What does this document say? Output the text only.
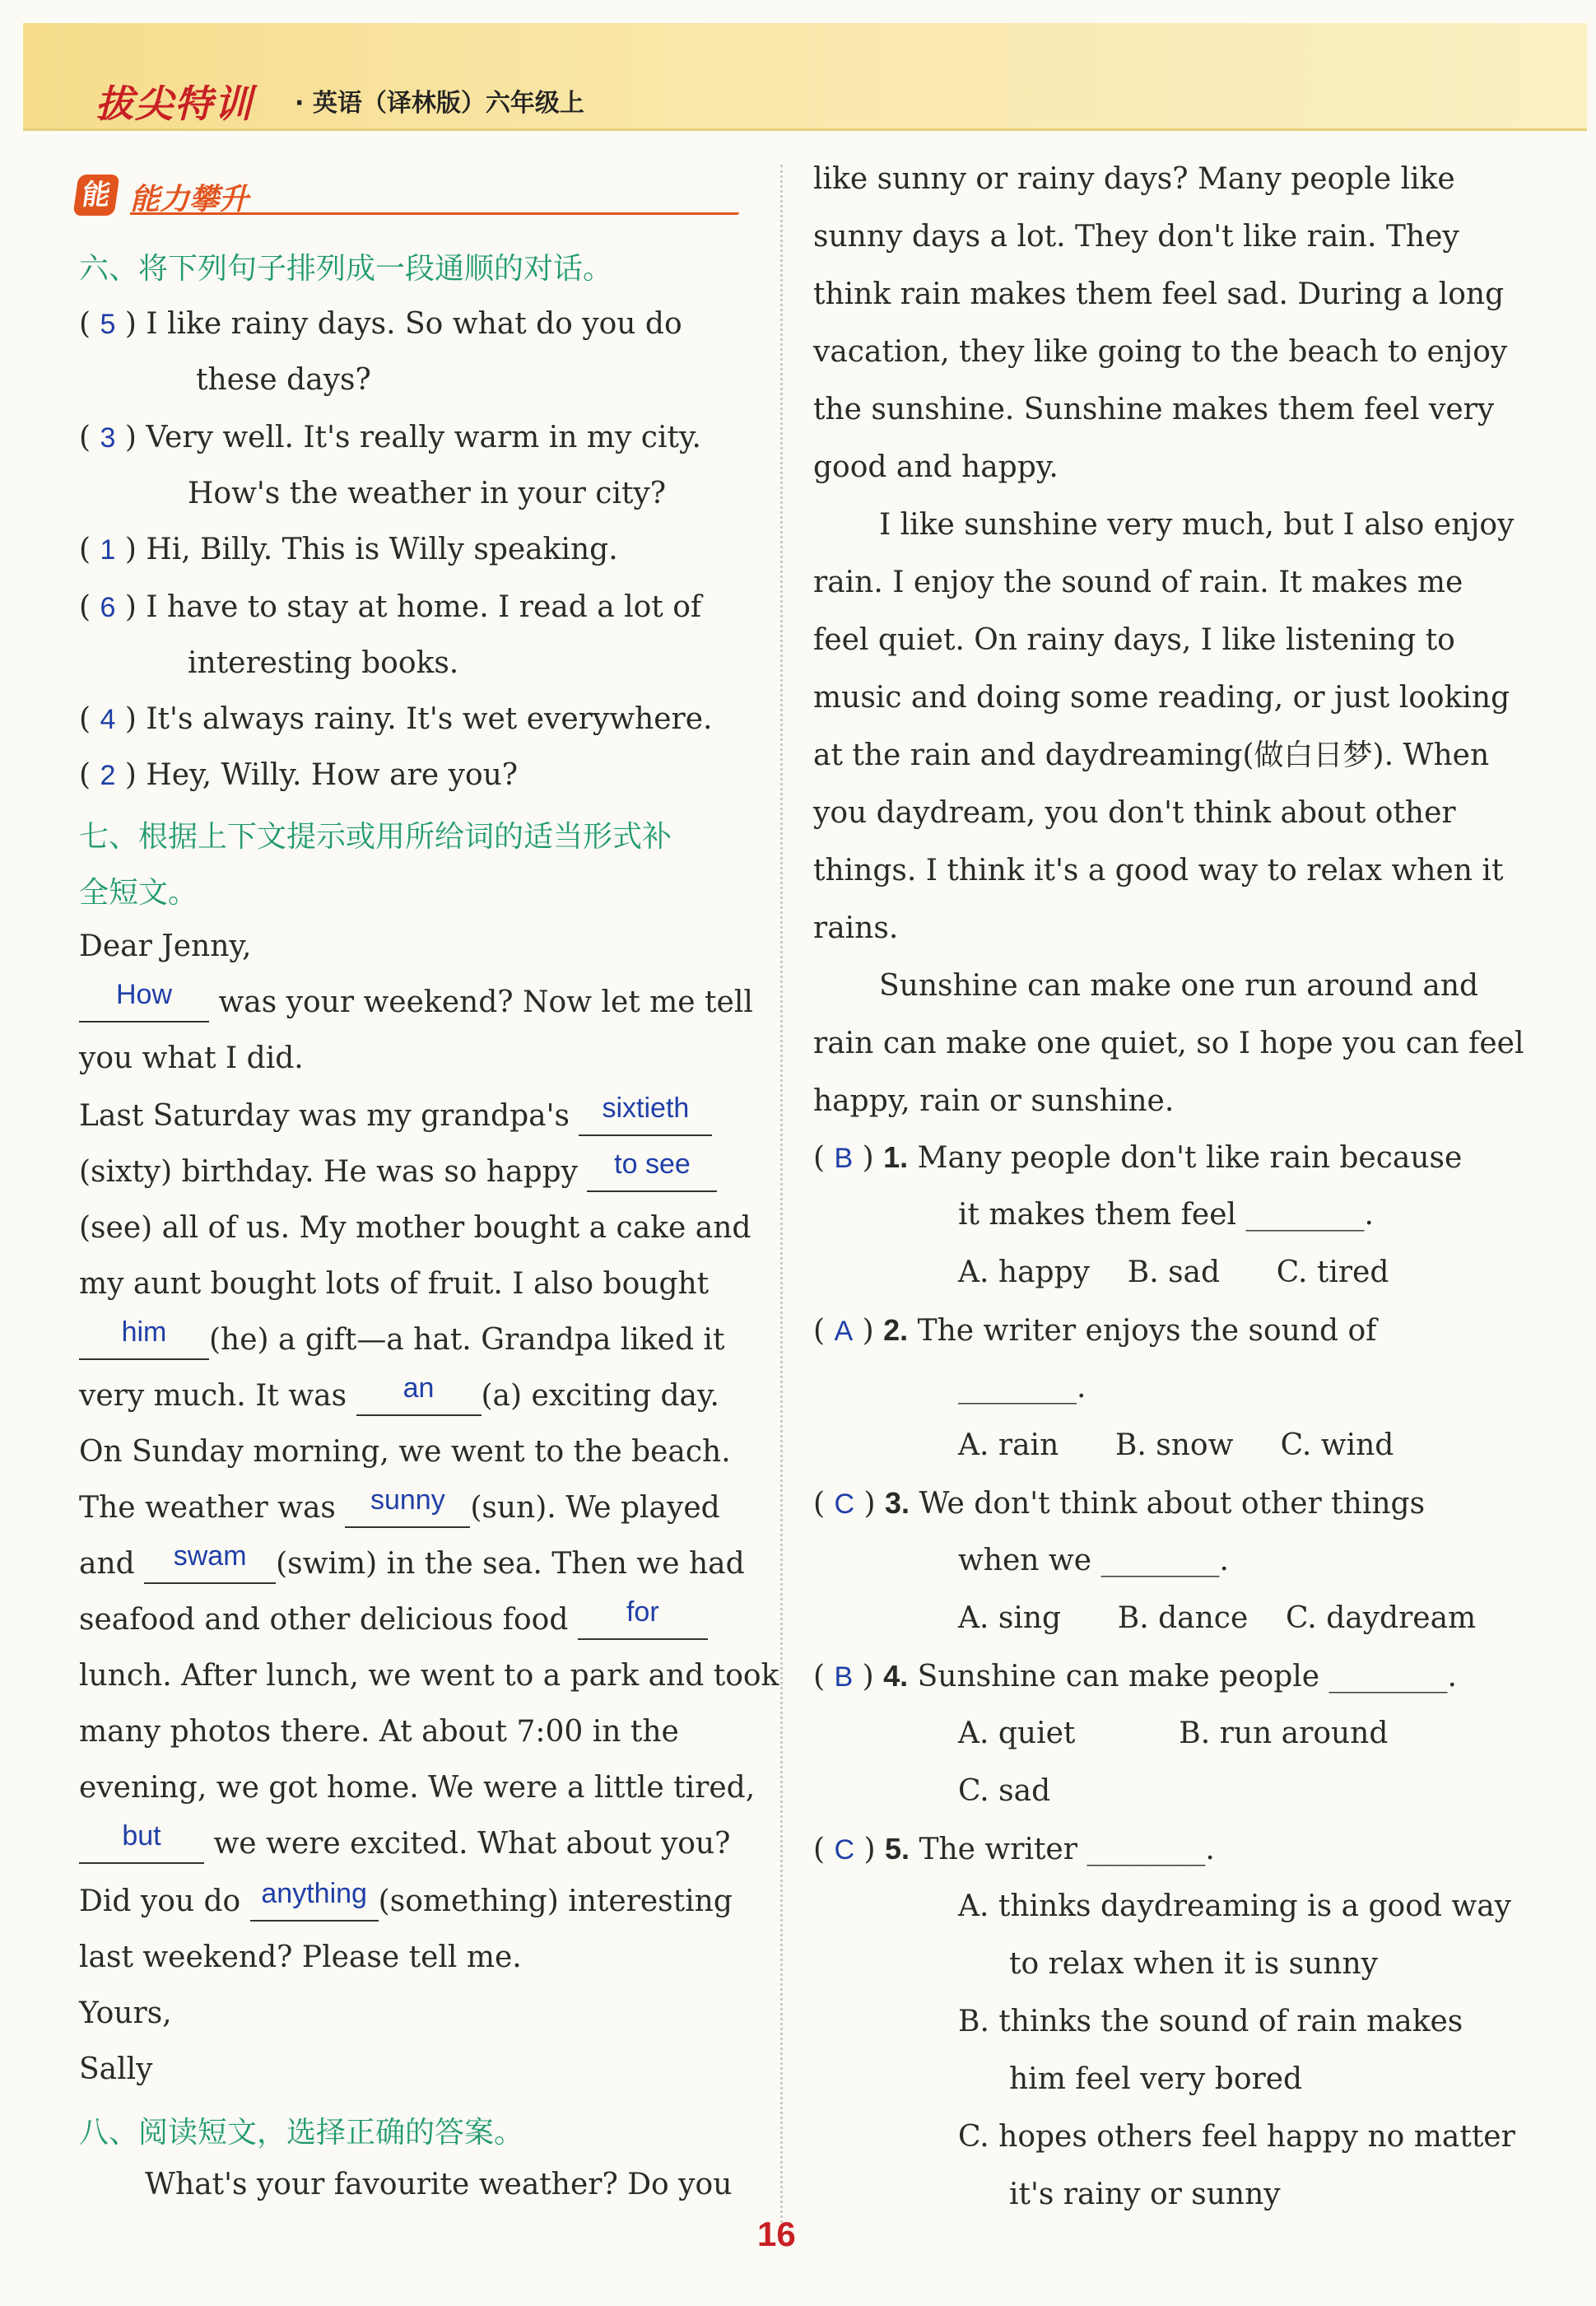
拔尖特训 · 英语（译林版）六年级上
能 能力攀升
六、将下列句子排列成一段通顺的对话。
( 5 ) I like rainy days. So what do you do
these days?
( 3 ) Very well. It's really warm in my city.
How's the weather in your city?
( 1 ) Hi, Billy. This is Willy speaking.
( 6 ) I have to stay at home. I read a lot of
interesting books.
( 4 ) It's always rainy. It's wet everywhere.
( 2 ) Hey, Willy. How are you?
七、根据上下文提示或用所给词的适当形式补
全短文。
Dear Jenny,
How was your weekend? Now let me tell
you what I did.
Last Saturday was my grandpa's sixtieth
(sixty) birthday. He was so happy to see
(see) all of us. My mother bought a cake and
my aunt bought lots of fruit. I also bought
him (he) a gift—a hat. Grandpa liked it
very much. It was an (a) exciting day.
On Sunday morning, we went to the beach.
The weather was sunny (sun). We played
and swam (swim) in the sea. Then we had
seafood and other delicious food for
lunch. After lunch, we went to a park and took
many photos there. At about 7:00 in the
evening, we got home. We were a little tired,
but we were excited. What about you?
Did you do anything (something) interesting
last weekend? Please tell me.
Yours,
Sally
八、阅读短文，选择正确的答案。
What's your favourite weather? Do you
like sunny or rainy days? Many people like
sunny days a lot. They don't like rain. They
think rain makes them feel sad. During a long
vacation, they like going to the beach to enjoy
the sunshine. Sunshine makes them feel very
good and happy.
I like sunshine very much, but I also enjoy
rain. I enjoy the sound of rain. It makes me
feel quiet. On rainy days, I like listening to
music and doing some reading, or just looking
at the rain and daydreaming(做白日梦). When
you daydream, you don't think about other
things. I think it's a good way to relax when it
rains.
Sunshine can make one run around and
rain can make one quiet, so I hope you can feel
happy, rain or sunshine.
( B ) 1. Many people don't like rain because
it makes them feel ________.
A. happy    B. sad      C. tired
( A ) 2. The writer enjoys the sound of
________.
A. rain      B. snow     C. wind
( C ) 3. We don't think about other things
when we ________.
A. sing      B. dance    C. daydream
( B ) 4. Sunshine can make people ________.
A. quiet           B. run around
C. sad
( C ) 5. The writer ________.
A. thinks daydreaming is a good way
to relax when it is sunny
B. thinks the sound of rain makes
him feel very bored
C. hopes others feel happy no matter
it's rainy or sunny
16
